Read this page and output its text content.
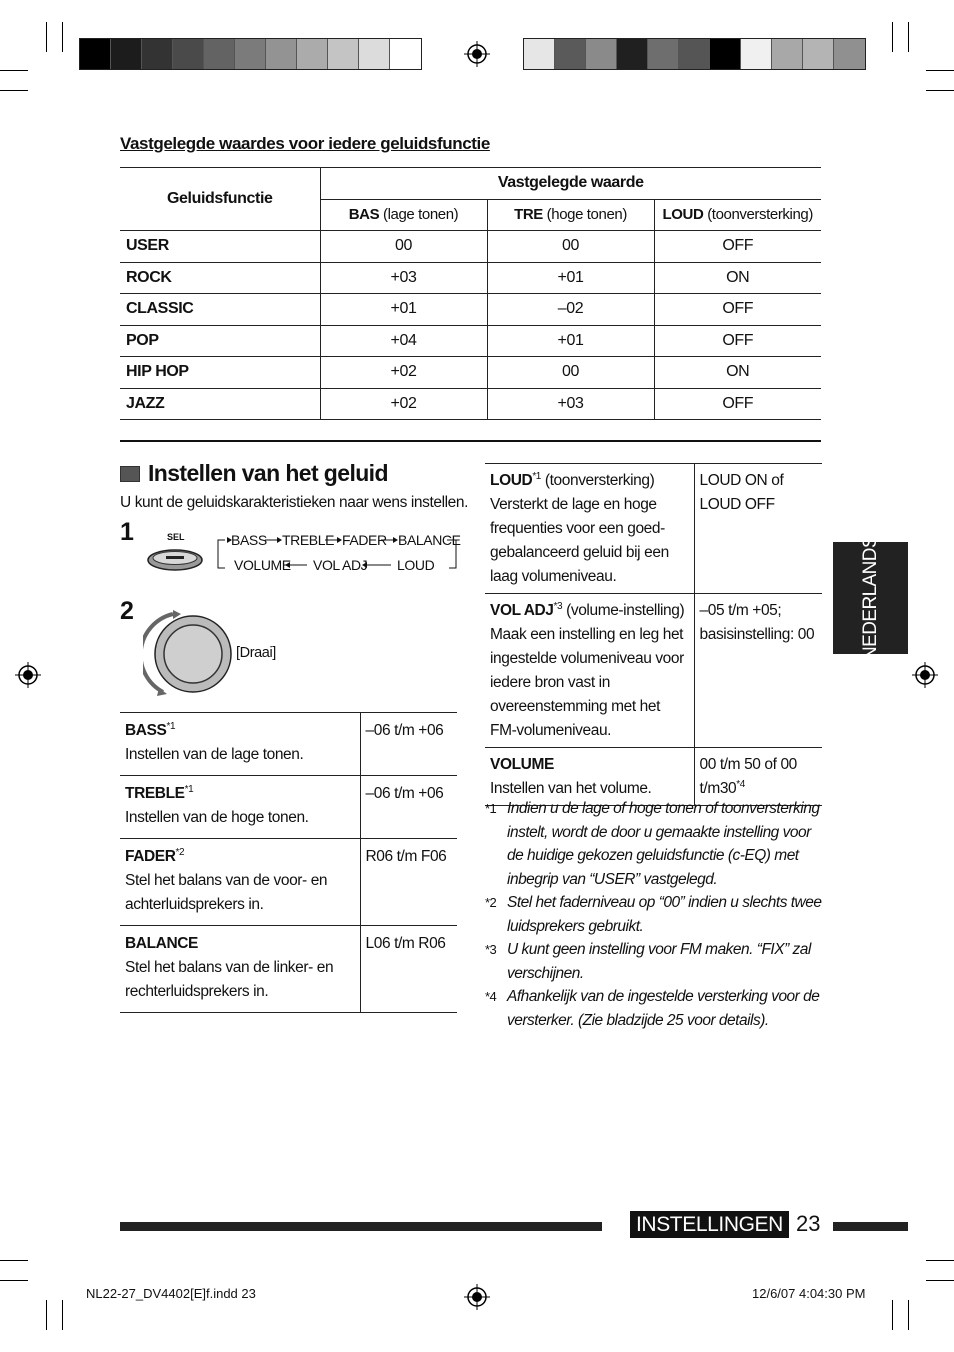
Vastgelegde waardes voor iedere geluidsfunctie
Geluidsfunctie	Vastgelegde waarde		
	BAS (lage tonen)	TRE (hoge tonen)	LOUD (toonversterking)
USER	00	00	OFF
ROCK	+03	+01	ON
CLASSIC	+01	–02	OFF
POP	+04	+01	OFF
HIP HOP	+02	00	ON
JAZZ	+02	+03	OFF
Instellen van het geluid
U kunt de geluidskarakteristieken naar wens instellen.
1	SEL	BASS TREBLE FADER BALANCE
VOLUME VOL ADJ LOUD
2
[Draai]
BASS$^{*1}$
Instellen van de lage tonen.	–06 t/m +06
TREBLE$^{*1}$
Instellen van de hoge tonen.	–06 t/m +06
FADER$^{*2}$
Stel het balans van de voor- en achterluidsprekers in.	R06 t/m F06
BALANCE
Stel het balans van de linker- en rechterluidsprekers in.	L06 t/m R06
LOUD$^{*1}$ (toonversterking)
Versterkt de lage en hoge frequenties voor een goed-gebalanceerd geluid bij een laag volumeniveau.	LOUD ON of LOUD OFF
VOL ADJ$^{*3}$ (volume-instelling)
Maak een instelling en leg het ingestelde volumeniveau voor iedere bron vast in overeenstemming met het FM-volumeniveau.	–05 t/m +05; basisinstelling: 00
VOLUME
Instellen van het volume.	00 t/m 50 of 00 t/m30$^{*4}$
*1 Indien u de lage of hoge tonen of toonversterking instelt, wordt de door u gemaakte instelling voor de huidige gekozen geluidsfunctie (c-EQ) met inbegrip van “USER” vastgelegd.
*2 Stel het faderniveau op “00” indien u slechts twee luidsprekers gebruikt.
*3 U kunt geen instelling voor FM maken. “FIX” zal verschijnen.
*4 Afhankelijk van de ingestelde versterking voor de versterker. (Zie bladzijde 25 voor details).
NEDERLANDS
INSTELLINGEN 23
NL22-27_DV4402[E]f.indd 23	12/6/07 4:04:30 PM
